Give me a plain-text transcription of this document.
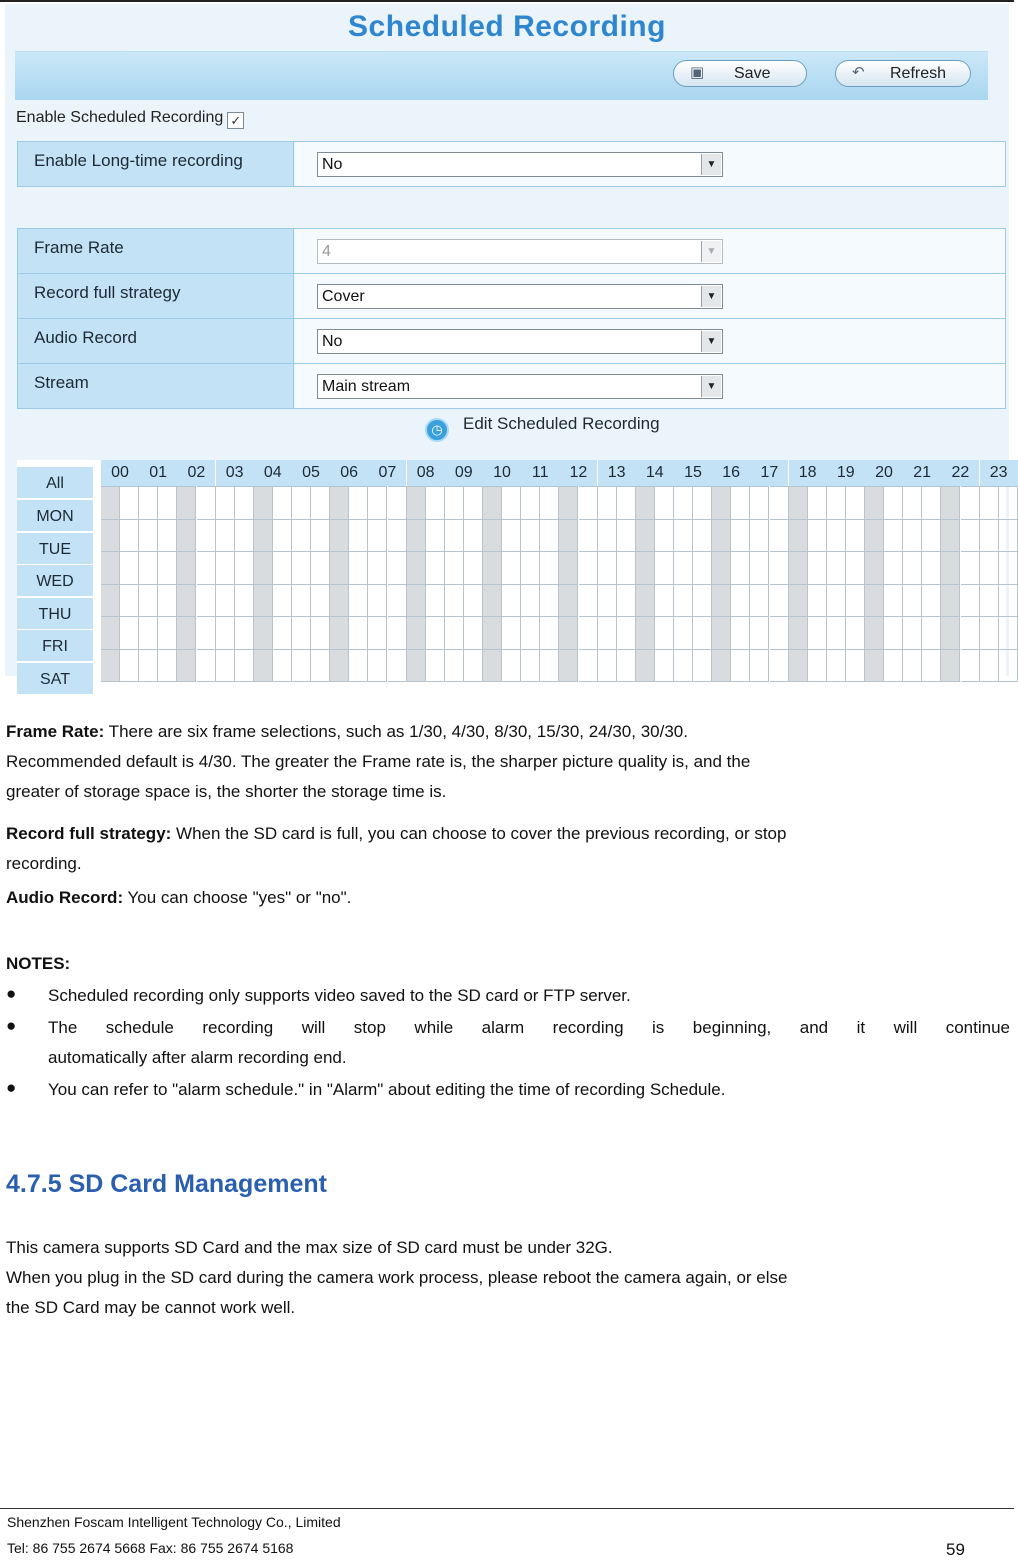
Scheduled Recording
▣ Save	↶	Refresh
Enable Scheduled Recording ✓
Enable Long-time recording	No	▼
Frame Rate	4	▼
Record full strategy	Cover	▼
Audio Record	No	▼
Stream	Main stream	▼
◷ Edit Scheduled Recording
All
00	01	02	03	04	05	06	07	08	09	10	11	12	13	14	15	16	17	18	19	20	21	22	23
MON
TUE
WED
THU
FRI
SAT
Frame Rate: There are six frame selections, such as 1/30, 4/30, 8/30, 15/30, 24/30, 30/30.
Recommended default is 4/30. The greater the Frame rate is, the sharper picture quality is, and the
greater of storage space is, the shorter the storage time is.
Record full strategy: When the SD card is full, you can choose to cover the previous recording, or stop
recording.
Audio Record: You can choose "yes" or "no".
NOTES:
● Scheduled recording only supports video saved to the SD card or FTP server.
● The schedule recording will stop while alarm recording is beginning, and it will continue
automatically after alarm recording end.
● You can refer to "alarm schedule." in "Alarm" about editing the time of recording Schedule.
4.7.5 SD Card Management
This camera supports SD Card and the max size of SD card must be under 32G.
When you plug in the SD card during the camera work process, please reboot the camera again, or else
the SD Card may be cannot work well.
Shenzhen Foscam Intelligent Technology Co., Limited
Tel: 86 755 2674 5668 Fax: 86 755 2674 5168	59
